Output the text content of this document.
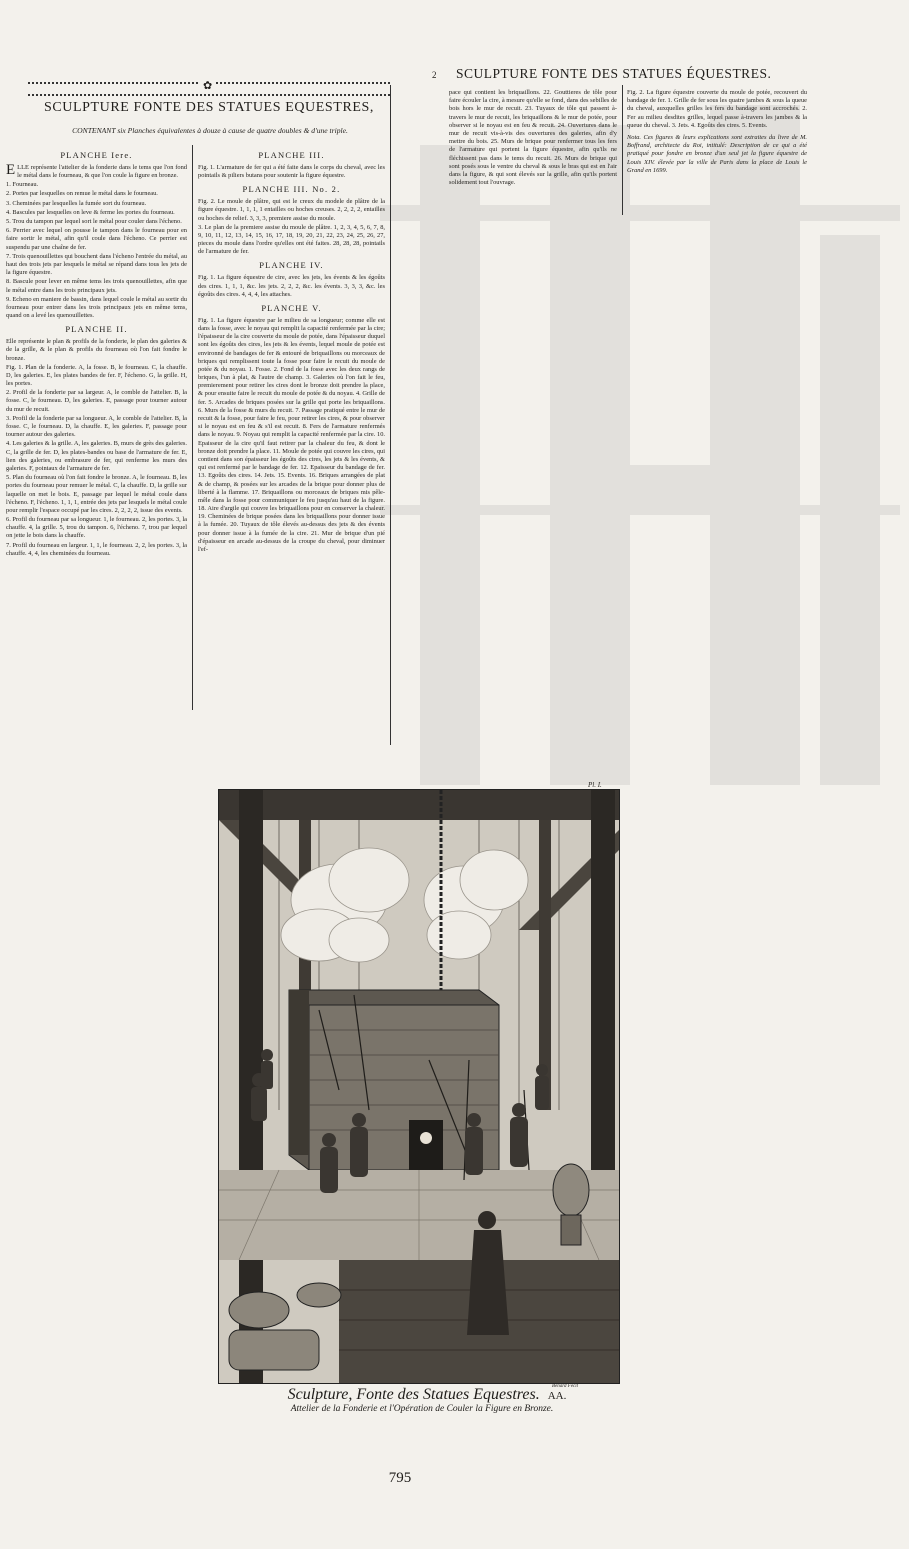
2 SCULPTURE FONTE DES STATUES ÉQUESTRES.
✿
SCULPTURE FONTE DES STATUES EQUESTRES,
CONTENANT six Planches équivalentes à douze à cause de quatre doubles & d'une triple.
PLANCHE Iere.

ELLE représente l'attelier de la fonderie dans le tems que l'on fond le métal dans le fourneau, & que l'on coule la figure en bronze.

1. Fourneau.

2. Portes par lesquelles on remue le métal dans le fourneau.

3. Cheminées par lesquelles la fumée sort du fourneau.

4. Bascules par lesquelles on leve & ferme les portes du fourneau.

5. Trou du tampon par lequel sort le métal pour couler dans l'écheno.

6. Perrier avec lequel on pousse le tampon dans le fourneau pour en faire sortir le métal, afin qu'il coule dans l'écheno. Ce perrier est suspendu par une chaîne de fer.

7. Trois quenouillettes qui bouchent dans l'écheno l'entrée du métal, au haut des trois jets par lesquels le métal se répand dans tous les jets de la figure équestre.

8. Bascule pour lever en même tems les trois quenouillettes, afin que le métal entre dans les trois principaux jets.

9. Echeno en maniere de bassin, dans lequel coule le métal au sortir du fourneau pour entrer dans les trois principaux jets en même tems, quand on a levé les quenouillettes.

PLANCHE II.

Elle représente le plan & profils de la fonderie, le plan des galeries & de la grille, & le plan & profils du fourneau où l'on fait fondre le bronze.

Fig. 1. Plan de la fonderie. A, la fosse. B, le fourneau. C, la chauffe. D, les galeries. E, les plates bandes de fer. F, l'écheno. G, la grille. H, les portes.

2. Profil de la fonderie par sa largeur. A, le comble de l'attelier. B, la fosse. C, le fourneau. D, les galeries. E, passage pour tourner autour du mur de recuit.

3. Profil de la fonderie par sa longueur. A, le comble de l'attelier. B, la fosse. C, le fourneau. D, la chauffe. E, les galeries. F, passage pour tourner autour des galeries.

4. Les galeries & la grille. A, les galeries. B, murs de grès des galeries. C, la grille de fer. D, les plates-bandes ou base de l'armature de fer. E, lien des galeries, ou embrasure de fer, qui renferme les murs des galeries. F, pointaux de l'armature de fer.

5. Plan du fourneau où l'on fait fondre le bronze. A, le fourneau. B, les portes du fourneau pour remuer le métal. C, la chauffe. D, la grille sur laquelle on met le bois. E, passage par lequel le métal coule dans l'écheno. F, l'écheno. 1, 1, 1, entrée des jets par lesquels le métal coule pour remplir l'espace occupé par les cires. 2, 2, 2, 2, issue des events.

6. Profil du fourneau par sa longueur. 1, le fourneau. 2, les portes. 3, la chauffe. 4, la grille. 5, trou du tampon. 6, l'écheno. 7, trou par lequel on jette le bois dans la chauffe.

7. Profil du fourneau en largeur. 1, 1, le fourneau. 2, 2, les portes. 3, la chauffe. 4, 4, les cheminées du fourneau.

PLANCHE III.

Fig. 1. L'armature de fer qui a été faite dans le corps du cheval, avec les pointails & piliers butans pour soutenir la figure équestre.

PLANCHE III. No. 2.

Fig. 2. Le moule de plâtre, qui est le creux du modele de plâtre de la figure équestre. 1, 1, 1, 1 entailles ou hoches creuses. 2, 2, 2, 2, entailles ou hoches de relief. 3, 3, 3, premiere assise du moule.

3. Le plan de la premiere assise du moule de plâtre. 1, 2, 3, 4, 5, 6, 7, 8, 9, 10, 11, 12, 13, 14, 15, 16, 17, 18, 19, 20, 21, 22, 23, 24, 25, 26, 27, pieces du moule dans l'ordre qu'elles ont été faites. 28, 28, 28, pointails de l'armature de fer.

PLANCHE IV.

Fig. 1. La figure équestre de cire, avec les jets, les évents & les égoûts des cires. 1, 1, 1, &c. les jets. 2, 2, 2, &c. les évents. 3, 3, 3, &c. les égoûts des cires. 4, 4, 4, les attaches.

PLANCHE V.

Fig. 1. La figure équestre par le milieu de sa longueur; comme elle est dans la fosse, avec le noyau qui remplit la capacité renfermée par la cire; l'épaisseur de la cire couverte du moule de potée, dans l'épaisseur duquel sont les égoûts des cires, les jets & les évents, lequel moule de potée est environné de bandages de fer & entouré de briquaillons ou morceaux de briques qui remplissent toute la fosse pour faire le recuit du moule de potée & du noyau. 1. Fosse. 2. Fond de la fosse avec les deux rangs de briques, l'un à plat, & l'autre de champ. 3. Galeries où l'on fait le feu, premierement pour retirer les cires dont le bronze doit prendre la place, & pour ensuite faire le recuit du moule de potée & du noyau. 4. Grille de fer. 5. Arcades de briques posées sur la grille qui porte les briquaillons. 6. Murs de la fosse & murs du recuit. 7. Passage pratiqué entre le mur de recuit & la fosse, pour faire le feu, pour retirer les cires, & pour observer si le noyau est en feu & s'il est recuit. 8. Fers de l'armature renfermés dans le noyau. 9. Noyau qui remplit la capacité renfermée par la cire. 10. Epaisseur de la cire qu'il faut retirer par la chaleur du feu, & dont le bronze doit prendre la place. 11. Moule de potée qui couvre les cires, qui contient dans son épaisseur les égoûts des cires, les jets & les évents, & qui est renfermé par le bandage de fer. 12. Epaisseur du bandage de fer. 13. Egoûts des cires. 14. Jets. 15. Events. 16. Briques arrangées de plat & de champ, & posées sur les arcades de la brique pour donner plus de liberté à la flamme. 17. Briquaillons ou morceaux de briques mis pêle-mêle dans la fosse pour communiquer le feu jusqu'au haut de la figure. 18. Aire d'argile qui couvre les briquaillons pour en conserver la chaleur. 19. Cheminées de brique posées dans les briquaillons pour donner issue à la fumée. 20. Tuyaux de tôle élevés au-dessus des jets & des évents pour donner issue à la fumée de la cire. 21. Mur de brique d'un pié d'épaisseur en arcade au-dessus de la croupe du cheval, pour diminuer l'ef-

pace qui contient les briquaillons. 22. Gouttieres de tôle pour faire écouler la cire, à mesure qu'elle se fond, dans des sebilles de bois hors le mur de recuit. 23. Tuyaux de tôle qui passent à-travers le mur de recuit, les briquaillons & le mur de potée, pour observer si le noyau est en feu & recuit. 24. Ouvertures dans le mur de recuit vis-à-vis des ouvertures des galeries, afin d'y mettre du bois. 25. Murs de brique pour renfermer tous les fers de l'armature qui portent la figure équestre, afin qu'ils ne fléchissent pas dans le tems du recuit. 26. Murs de brique qui sont posés sous le ventre du cheval & sous le bras qui est en l'air dans la figure, & qui sont élevés sur la grille, afin qu'ils portent solidement tout l'ouvrage.

Fig. 2. La figure équestre couverte du moule de potée, recouvert du bandage de fer. 1. Grille de fer sous les quatre jambes & sous la queue du cheval, auxquelles grilles les fers du bandage sont accrochés. 2. Fer au milieu desdites grilles, lequel passe à-travers les jambes & la queue du cheval. 3. Jets. 4. Egoûts des cires. 5. Events.

Nota. Ces figures & leurs explications sont extraites du livre de M. Boffrand, architecte du Roi, intitulé: Description de ce qui a été pratiqué pour fondre en bronze d'un seul jet la figure équestre de Louis XIV. élevée par la ville de Paris dans la place de Louis le Grand en 1699.

Pl. I.
Benard Fecit
Sculpture, Fonte des Statues Equestres. AA.
Attelier de la Fonderie et l'Opération de Couler la Figure en Bronze.
795
